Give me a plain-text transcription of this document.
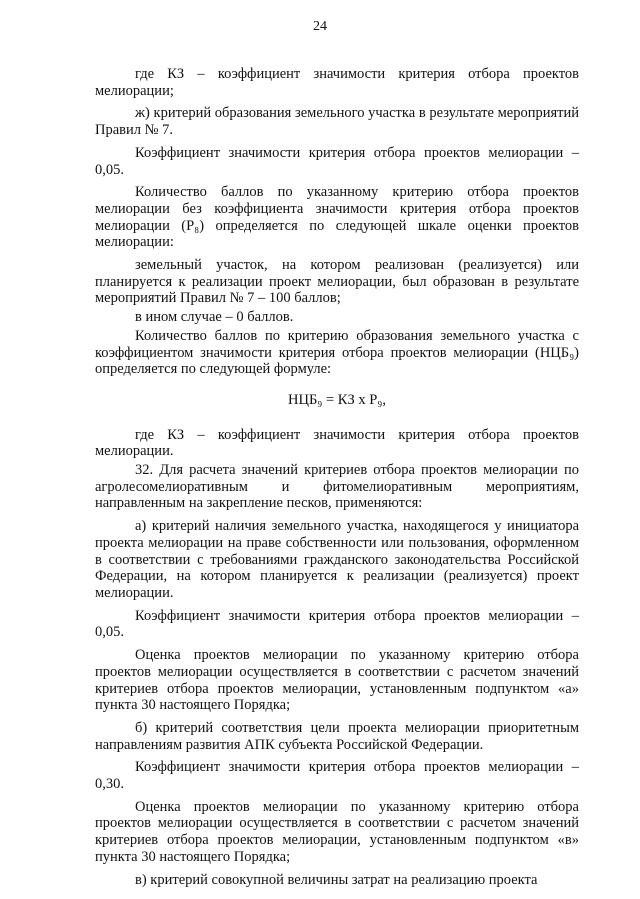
24

где КЗ – коэффициент значимости критерия отбора проектов мелиорации;

ж) критерий образования земельного участка в результате мероприятий Правил № 7.

Коэффициент значимости критерия отбора проектов мелиорации – 0,05.

Количество баллов по указанному критерию отбора проектов мелиорации без коэффициента значимости критерия отбора проектов мелиорации (Р₈) определяется по следующей шкале оценки проектов мелиорации:

земельный участок, на котором реализован (реализуется) или планируется к реализации проект мелиорации, был образован в результате мероприятий Правил № 7 – 100 баллов;

в ином случае – 0 баллов.

Количество баллов по критерию образования земельного участка с коэффициентом значимости критерия отбора проектов мелиорации (НЦБ₉) определяется по следующей формуле:

НЦБ₉ = КЗ х Р₉,

где КЗ – коэффициент значимости критерия отбора проектов мелиорации.

32. Для расчета значений критериев отбора проектов мелиорации по агролесомелиоративным и фитомелиоративным мероприятиям, направленным на закрепление песков, применяются:

а) критерий наличия земельного участка, находящегося у инициатора проекта мелиорации на праве собственности или пользования, оформленном в соответствии с требованиями гражданского законодательства Российской Федерации, на котором планируется к реализации (реализуется) проект мелиорации.

Коэффициент значимости критерия отбора проектов мелиорации – 0,05.

Оценка проектов мелиорации по указанному критерию отбора проектов мелиорации осуществляется в соответствии с расчетом значений критериев отбора проектов мелиорации, установленным подпунктом «а» пункта 30 настоящего Порядка;

б) критерий соответствия цели проекта мелиорации приоритетным направлениям развития АПК субъекта Российской Федерации.

Коэффициент значимости критерия отбора проектов мелиорации – 0,30.

Оценка проектов мелиорации по указанному критерию отбора проектов мелиорации осуществляется в соответствии с расчетом значений критериев отбора проектов мелиорации, установленным подпунктом «в» пункта 30 настоящего Порядка;

в) критерий совокупной величины затрат на реализацию проекта
